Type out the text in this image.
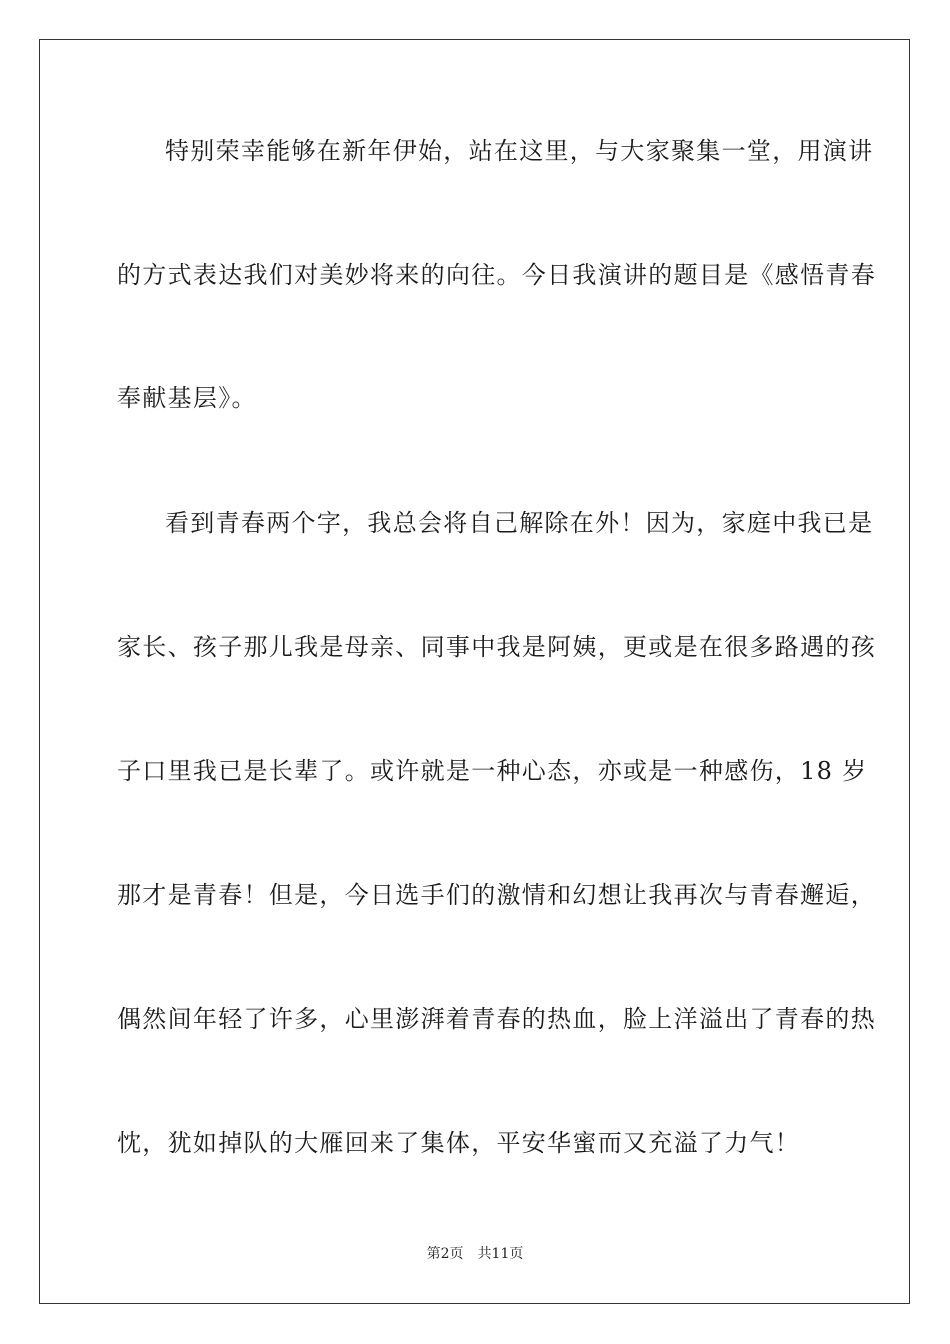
特别荣幸能够在新年伊始，站在这里，与大家聚集一堂，用演讲
的方式表达我们对美妙将来的向往。今日我演讲的题目是《感悟青春
奉献基层》。
看到青春两个字，我总会将自己解除在外！因为，家庭中我已是
家长、孩子那儿我是母亲、同事中我是阿姨，更或是在很多路遇的孩
子口里我已是长辈了。或许就是一种心态，亦或是一种感伤，18 岁
那才是青春！但是，今日选手们的激情和幻想让我再次与青春邂逅，
偶然间年轻了许多，心里澎湃着青春的热血，脸上洋溢出了青春的热
忱，犹如掉队的大雁回来了集体，平安华蜜而又充溢了力气！
第2页 共11页
